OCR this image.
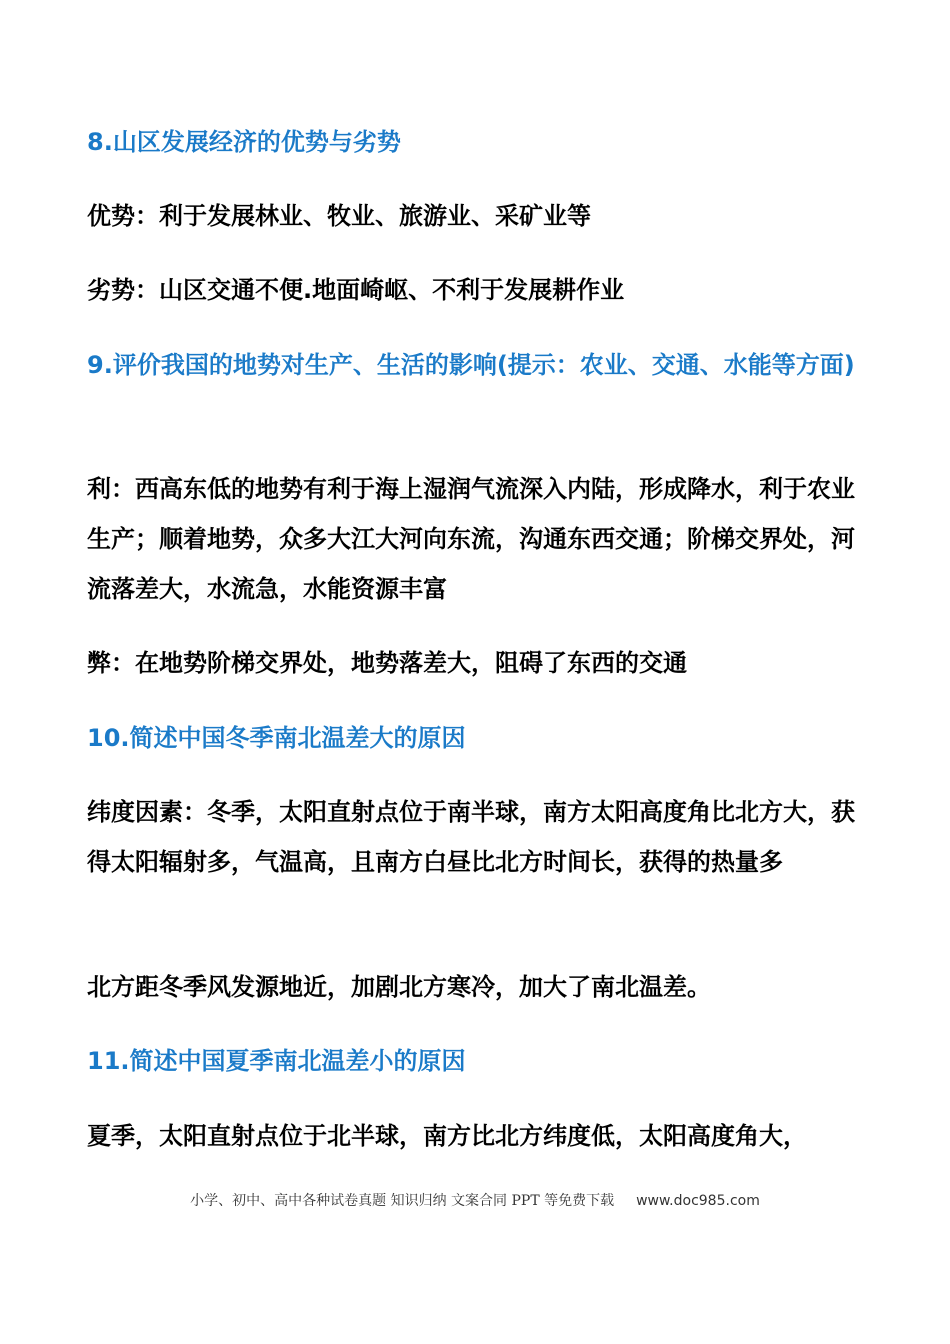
8.山区发展经济的优势与劣势

优势：利于发展林业、牧业、旅游业、采矿业等

劣势：山区交通不便.地面崎岖、不利于发展耕作业

9.评价我国的地势对生产、生活的影响(提示：农业、交通、水能等方面)

利：西高东低的地势有利于海上湿润气流深入内陆，形成降水，利于农业生产；顺着地势，众多大江大河向东流，沟通东西交通；阶梯交界处，河流落差大，水流急，水能资源丰富

弊：在地势阶梯交界处，地势落差大，阻碍了东西的交通

10.简述中国冬季南北温差大的原因

纬度因素：冬季，太阳直射点位于南半球，南方太阳高度角比北方大，获得太阳辐射多，气温高，且南方白昼比北方时间长，获得的热量多

北方距冬季风发源地近，加剧北方寒冷，加大了南北温差。

11.简述中国夏季南北温差小的原因

夏季，太阳直射点位于北半球，南方比北方纬度低，太阳高度角大，

小学、初中、高中各种试卷真题 知识归纳 文案合同 PPT 等免费下载 www.doc985.com
